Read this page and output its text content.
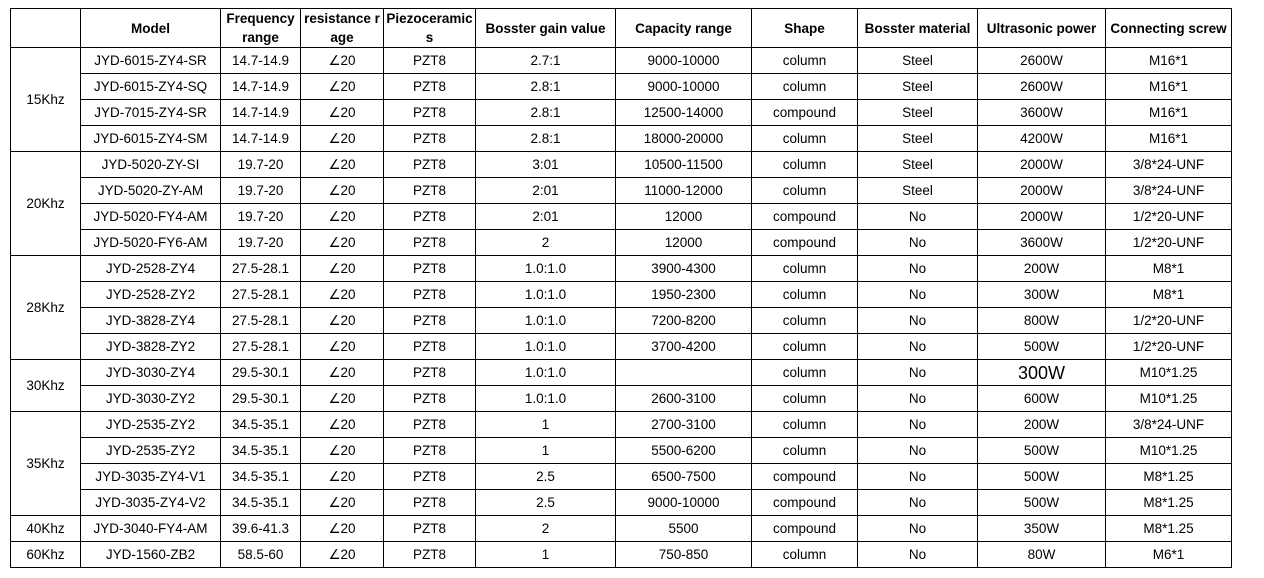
	Model	Frequency range	resistance rage	Piezoceramics	Bosster gain value	Capacity range	Shape	Bosster material	Ultrasonic power	Connecting screw
15Khz	JYD-6015-ZY4-SR	14.7-14.9	∠20	PZT8	2.7:1	9000-10000	column	Steel	2600W	M16*1
	JYD-6015-ZY4-SQ	14.7-14.9	∠20	PZT8	2.8:1	9000-10000	column	Steel	2600W	M16*1
	JYD-7015-ZY4-SR	14.7-14.9	∠20	PZT8	2.8:1	12500-14000	compound	Steel	3600W	M16*1
	JYD-6015-ZY4-SM	14.7-14.9	∠20	PZT8	2.8:1	18000-20000	column	Steel	4200W	M16*1
20Khz	JYD-5020-ZY-SI	19.7-20	∠20	PZT8	3:01	10500-11500	column	Steel	2000W	3/8*24-UNF
	JYD-5020-ZY-AM	19.7-20	∠20	PZT8	2:01	11000-12000	column	Steel	2000W	3/8*24-UNF
	JYD-5020-FY4-AM	19.7-20	∠20	PZT8	2:01	12000	compound	No	2000W	1/2*20-UNF
	JYD-5020-FY6-AM	19.7-20	∠20	PZT8	2	12000	compound	No	3600W	1/2*20-UNF
28Khz	JYD-2528-ZY4	27.5-28.1	∠20	PZT8	1.0:1.0	3900-4300	column	No	200W	M8*1
	JYD-2528-ZY2	27.5-28.1	∠20	PZT8	1.0:1.0	1950-2300	column	No	300W	M8*1
	JYD-3828-ZY4	27.5-28.1	∠20	PZT8	1.0:1.0	7200-8200	column	No	800W	1/2*20-UNF
	JYD-3828-ZY2	27.5-28.1	∠20	PZT8	1.0:1.0	3700-4200	column	No	500W	1/2*20-UNF
30Khz	JYD-3030-ZY4	29.5-30.1	∠20	PZT8	1.0:1.0		column	No	300W	M10*1.25
	JYD-3030-ZY2	29.5-30.1	∠20	PZT8	1.0:1.0	2600-3100	column	No	600W	M10*1.25
35Khz	JYD-2535-ZY2	34.5-35.1	∠20	PZT8	1	2700-3100	column	No	200W	3/8*24-UNF
	JYD-2535-ZY2	34.5-35.1	∠20	PZT8	1	5500-6200	column	No	500W	M10*1.25
	JYD-3035-ZY4-V1	34.5-35.1	∠20	PZT8	2.5	6500-7500	compound	No	500W	M8*1.25
	JYD-3035-ZY4-V2	34.5-35.1	∠20	PZT8	2.5	9000-10000	compound	No	500W	M8*1.25
40Khz	JYD-3040-FY4-AM	39.6-41.3	∠20	PZT8	2	5500	compound	No	350W	M8*1.25
60Khz	JYD-1560-ZB2	58.5-60	∠20	PZT8	1	750-850	column	No	80W	M6*1
